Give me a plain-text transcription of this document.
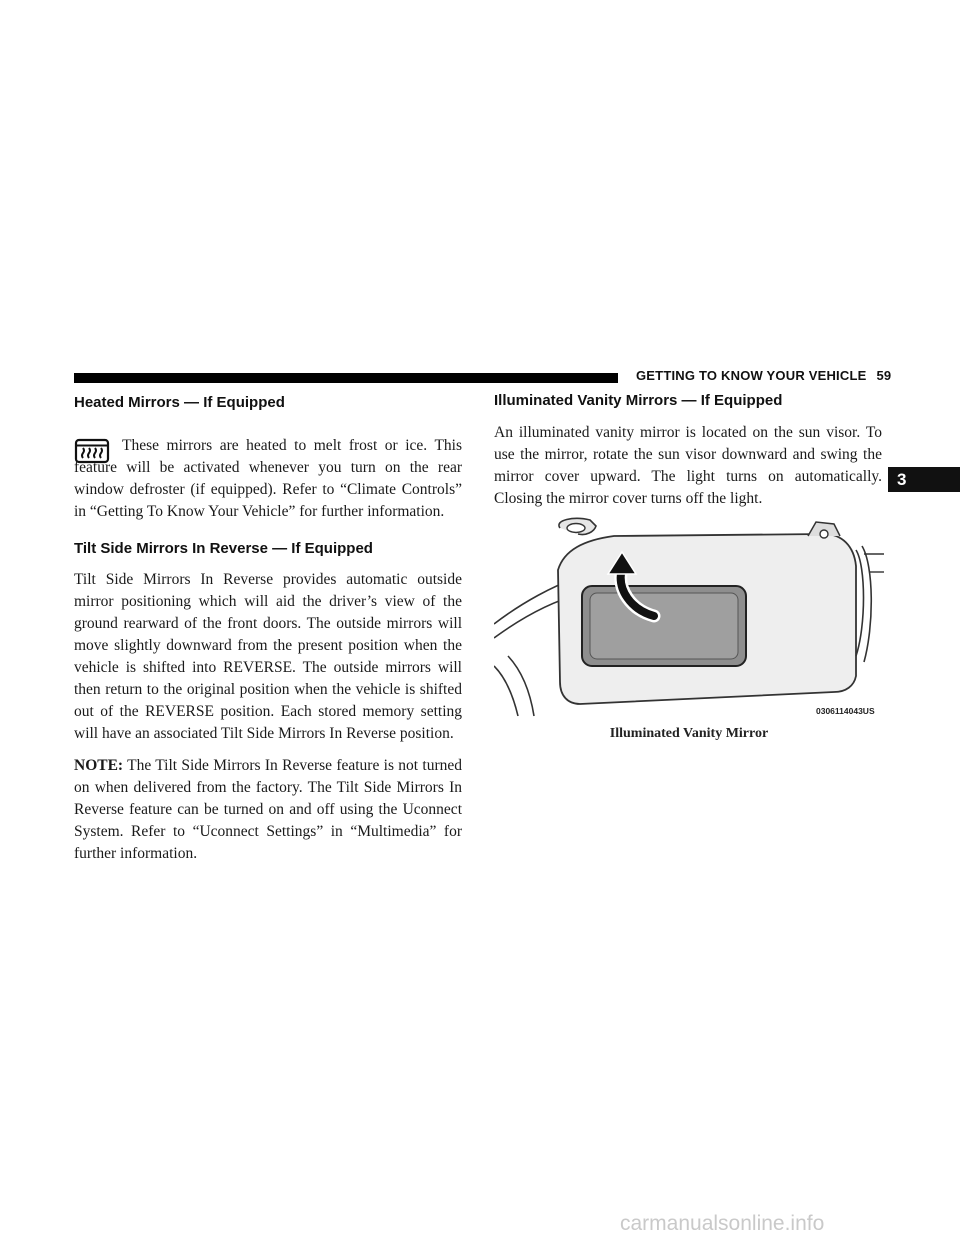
GETTING TO KNOW YOUR VEHICLE 59
3
Heated Mirrors — If Equipped

These mirrors are heated to melt frost or ice. This feature will be activated whenever you turn on the rear window defroster (if equipped). Refer to “Climate Controls” in “Getting To Know Your Vehicle” for further information.

Tilt Side Mirrors In Reverse — If Equipped

Tilt Side Mirrors In Reverse provides automatic outside mirror positioning which will aid the driver’s view of the ground rearward of the front doors. The outside mirrors will move slightly downward from the present position when the vehicle is shifted into REVERSE. The outside mirrors will then return to the original position when the vehicle is shifted out of the REVERSE position. Each stored memory setting will have an associated Tilt Side Mirrors In Reverse position.

NOTE: The Tilt Side Mirrors In Reverse feature is not turned on when delivered from the factory. The Tilt Side Mirrors In Reverse feature can be turned on and off using the Uconnect System. Refer to “Uconnect Settings” in “Multimedia” for further information.

Illuminated Vanity Mirrors — If Equipped

An illuminated vanity mirror is located on the sun visor. To use the mirror, rotate the sun visor downward and swing the mirror cover upward. The light turns on automatically. Closing the mirror cover turns off the light.

0306114043US
Illuminated Vanity Mirror
carmanualsonline.info
